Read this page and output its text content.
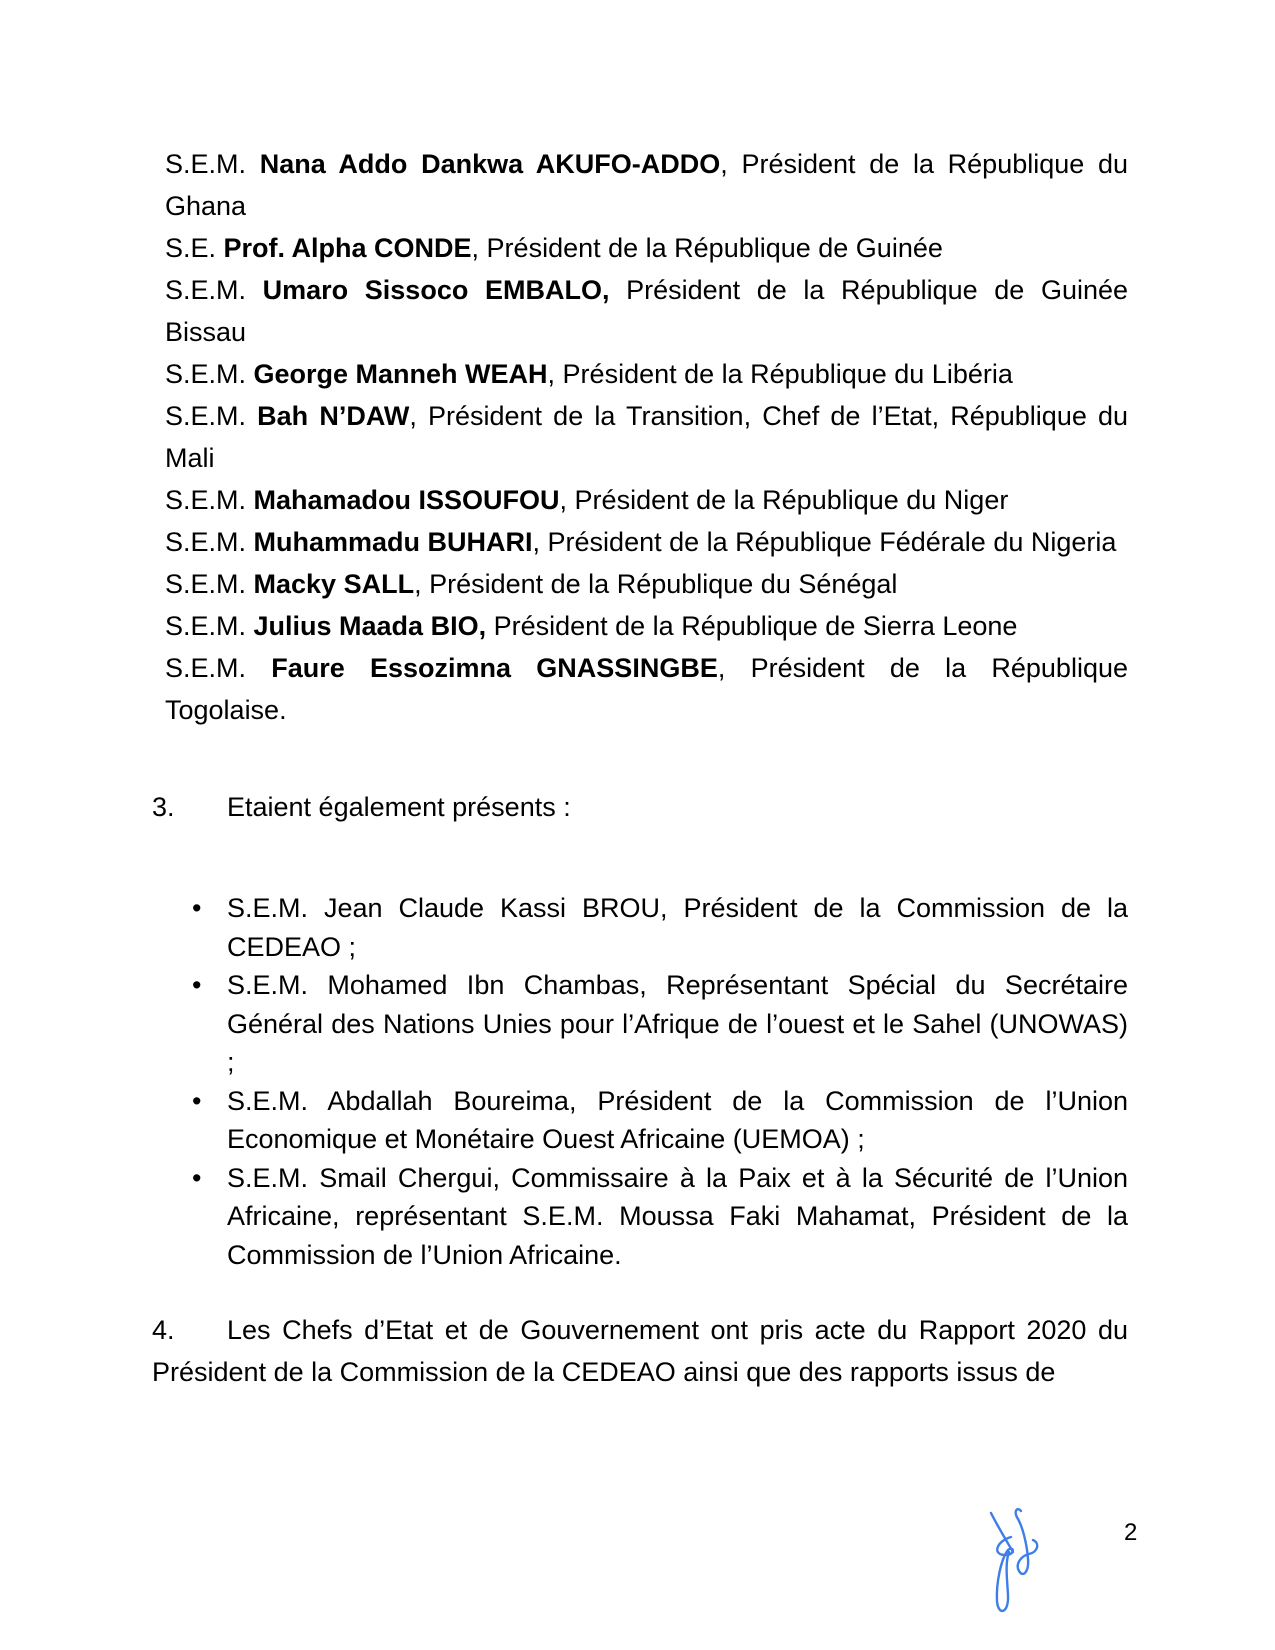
S.E.M. Nana Addo Dankwa AKUFO-ADDO, Président de la République du Ghana

S.E. Prof. Alpha CONDE, Président de la République de Guinée

S.E.M. Umaro Sissoco EMBALO, Président de la République de Guinée Bissau

S.E.M. George Manneh WEAH, Président de la République du Libéria

S.E.M. Bah N’DAW, Président de la Transition, Chef de l’Etat, République du Mali

S.E.M. Mahamadou ISSOUFOU, Président de la République du Niger

S.E.M. Muhammadu BUHARI, Président de la République Fédérale du Nigeria

S.E.M. Macky SALL, Président de la République du Sénégal

S.E.M. Julius Maada BIO, Président de la République de Sierra Leone

S.E.M. Faure Essozimna GNASSINGBE, Président de la République Togolaise.

3. Etaient également présents :

• S.E.M. Jean Claude Kassi BROU, Président de la Commission de la CEDEAO ;
• S.E.M. Mohamed Ibn Chambas, Représentant Spécial du Secrétaire Général des Nations Unies pour l’Afrique de l’ouest et le Sahel (UNOWAS) ;
• S.E.M. Abdallah Boureima, Président de la Commission de l’Union Economique et Monétaire Ouest Africaine (UEMOA) ;
• S.E.M. Smail Chergui, Commissaire à la Paix et à la Sécurité de l’Union Africaine, représentant S.E.M. Moussa Faki Mahamat, Président de la Commission de l’Union Africaine.

4. Les Chefs d’Etat et de Gouvernement ont pris acte du Rapport 2020 du Président de la Commission de la CEDEAO ainsi que des rapports issus de

2
